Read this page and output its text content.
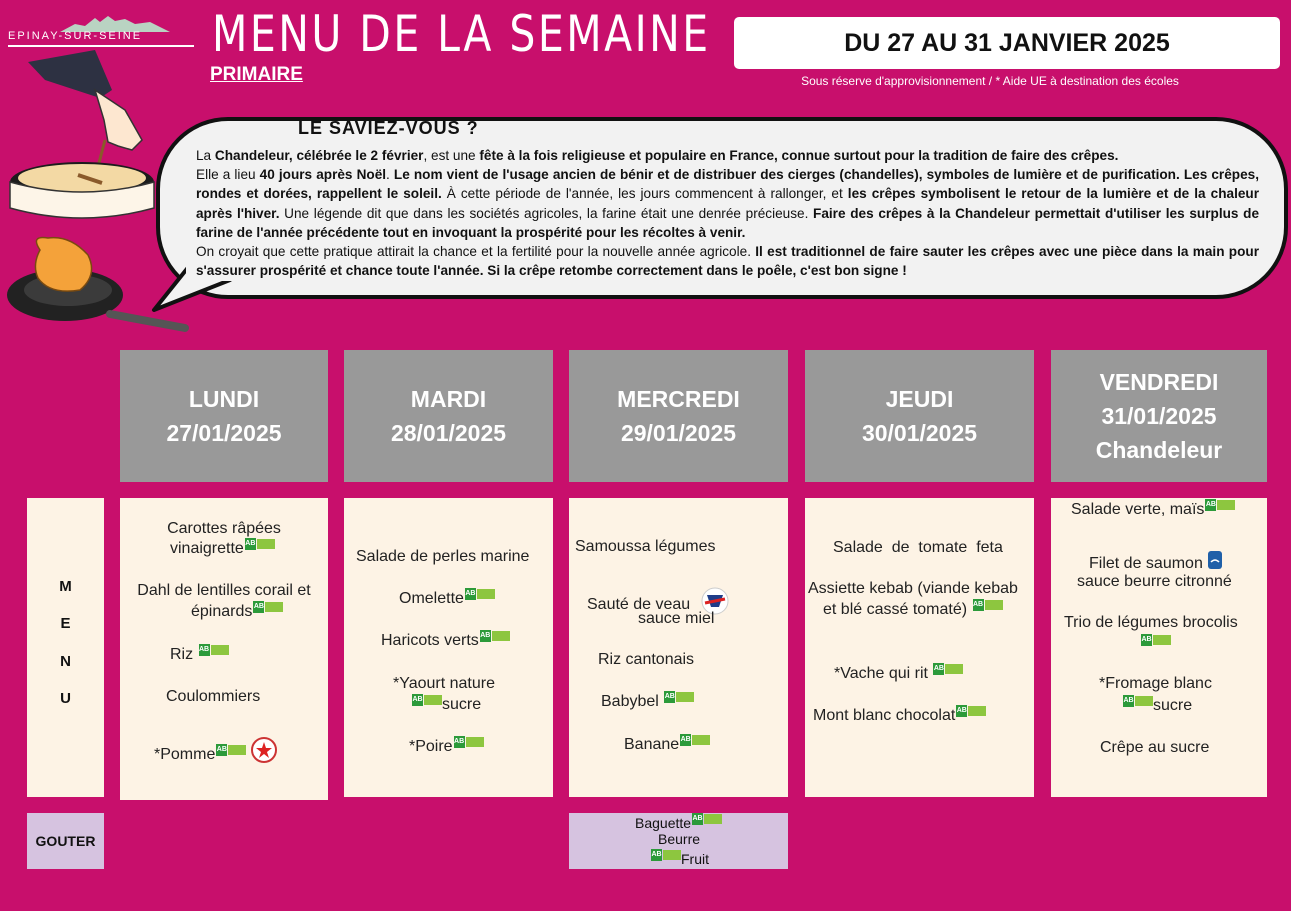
EPINAY-SUR-SEINE MENU DE LA SEMAINE
PRIMAIRE
DU 27 AU 31 JANVIER 2025
Sous réserve d'approvisionnement / * Aide UE à destination des écoles
LE SAVIEZ-VOUS ?
La Chandeleur, célébrée le 2 février, est une fête à la fois religieuse et populaire en France, connue surtout pour la tradition de faire des crêpes.
Elle a lieu 40 jours après Noël. Le nom vient de l'usage ancien de bénir et de distribuer des cierges (chandelles), symboles de lumière et de purification. Les crêpes, rondes et dorées, rappellent le soleil. À cette période de l'année, les jours commencent à rallonger, et les crêpes symbolisent le retour de la lumière et de la chaleur après l'hiver. Une légende dit que dans les sociétés agricoles, la farine était une denrée précieuse. Faire des crêpes à la Chandeleur permettait d'utiliser les surplus de farine de l'année précédente tout en invoquant la prospérité pour les récoltes à venir.
On croyait que cette pratique attirait la chance et la fertilité pour la nouvelle année agricole. Il est traditionnel de faire sauter les crêpes avec une pièce dans la main pour s'assurer prospérité et chance toute l'année. Si la crêpe retombe correctement dans le poêle, c'est bon signe !
LUNDI
27/01/2025
MARDI
28/01/2025
MERCREDI
29/01/2025
JEUDI
30/01/2025
VENDREDI
31/01/2025
Chandeleur
M
E
N
U
Carottes râpées
vinaigrette AB
Dahl de lentilles corail et
épinards AB
Riz AB
Coulommiers
*Pomme AB

Salade de perles marine
Omelette AB
Haricots verts AB
*Yaourt nature
AB sucre
*Poire AB
Samoussa légumes
Sauté de veau
sauce miel
Riz cantonais
Babybel AB
Banane AB
Salade  de  tomate  feta
Assiette kebab (viande kebab
et blé cassé tomaté) AB
*Vache qui rit AB
Mont blanc chocolat AB
Salade verte, maïs AB
Filet de saumon
sauce beurre citronné
Trio de légumes brocolis
AB
*Fromage blanc
AB sucre
Crêpe au sucre
GOUTER
Baguette AB
Beurre
AB Fruit
